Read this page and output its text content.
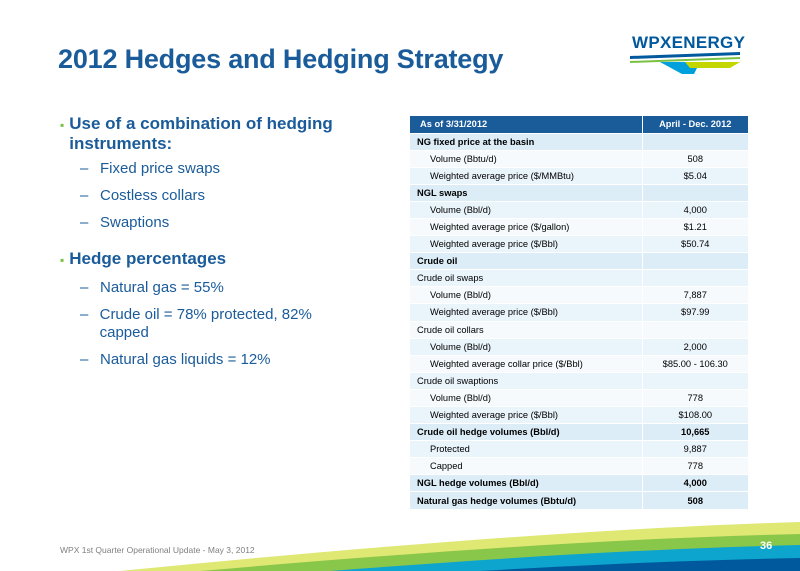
2012 Hedges and Hedging Strategy
WPXENERGY
▪ Use of a combination of hedging instruments:
– Fixed price swaps
– Costless collars
– Swaptions
▪ Hedge percentages
– Natural gas = 55%
– Crude oil = 78% protected, 82% capped
– Natural gas liquids = 12%
As of 3/31/2012	April - Dec. 2012
NG fixed price at the basin	
Volume (Bbtu/d)	508
Weighted average price ($/MMBtu)	$5.04
NGL swaps	
Volume (Bbl/d)	4,000
Weighted average price ($/gallon)	$1.21
Weighted average price ($/Bbl)	$50.74
Crude oil	
Crude oil swaps	
Volume (Bbl/d)	7,887
Weighted average price ($/Bbl)	$97.99
Crude oil collars	
Volume (Bbl/d)	2,000
Weighted average collar price ($/Bbl)	$85.00 - 106.30
Crude oil swaptions	
Volume (Bbl/d)	778
Weighted average price ($/Bbl)	$108.00
Crude oil hedge volumes (Bbl/d)	10,665
Protected	9,887
Capped	778
NGL hedge volumes (Bbl/d)	4,000
Natural gas hedge volumes (Bbtu/d)	508
WPX 1st Quarter Operational Update - May 3, 2012	36
